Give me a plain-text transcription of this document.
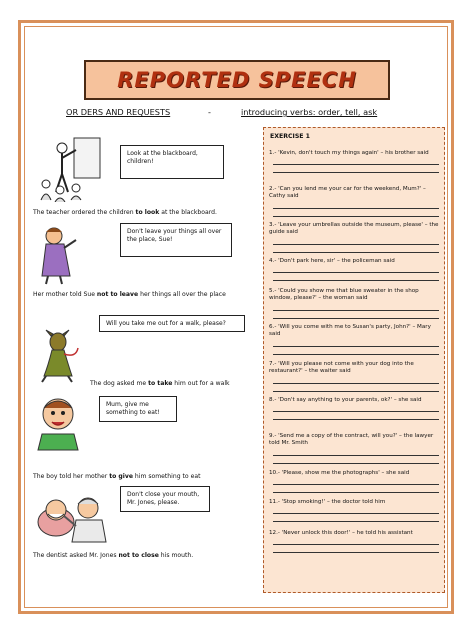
REPORTED SPEECH
OR DERS AND REQUESTS	-	introducing verbs: order, tell, ask
Look at the blackboard, children!
The teacher ordered the children to look at the blackboard.
Don't leave your things all over the place, Sue!
Her mother told Sue not to leave her things all over the place
Will you take me out for a walk, please?
The dog asked me to take him out for a walk
Mum, give me something to eat!
The boy told her mother to give him something to eat
Don't close your mouth, Mr. Jones, please.
The dentist asked Mr. Jones not to close his mouth.
EXERCISE 1
1.- 'Kevin, don't touch my things again' – his brother said
2.- 'Can you lend me your car for the weekend, Mum?' – Cathy said
3.- 'Leave your umbrellas outside the museum, please' – the guide said
4.- 'Don't park here, sir' – the policeman said
5.- 'Could you show me that blue sweater in the shop window, please?' – the woman said
6.- 'Will you come with me to Susan's party, John?' – Mary said
7.- 'Will you please not come with your dog into the restaurant?' – the waiter said
8.- 'Don't say anything to your parents, ok?' – she said
9.- 'Send me a copy of the contract, will you?' – the lawyer told Mr. Smith
10.- 'Please, show me the photographs' – she said
11.- 'Stop smoking!' – the doctor told him
12.- 'Never unlock this door!' – he told his assistant
